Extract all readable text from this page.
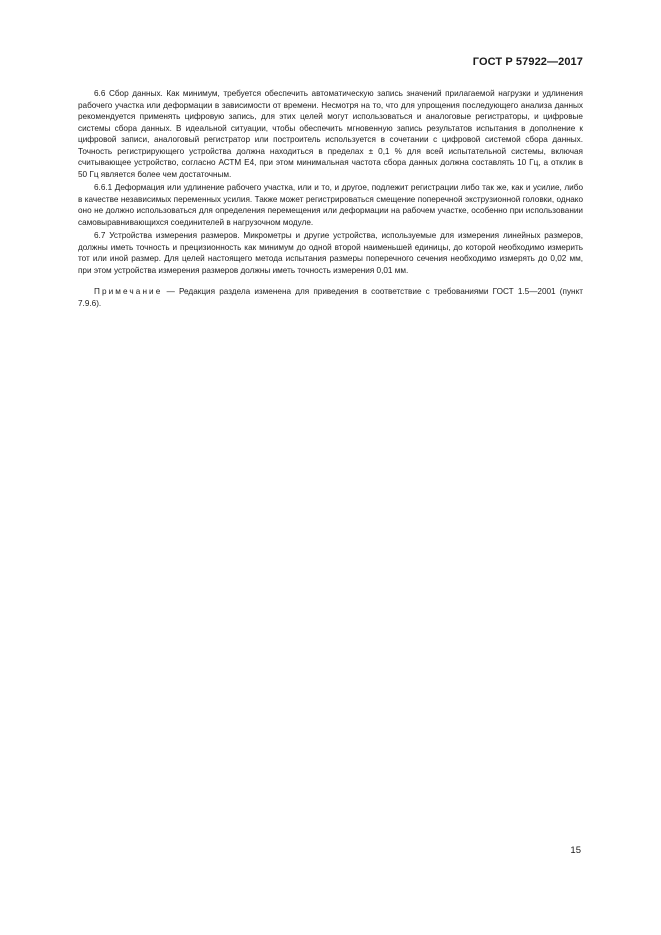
ГОСТ Р 57922—2017

6.6 Сбор данных. Как минимум, требуется обеспечить автоматическую запись значений прилагаемой нагрузки и удлинения рабочего участка или деформации в зависимости от времени. Несмотря на то, что для упрощения последующего анализа данных рекомендуется применять цифровую запись, для этих целей могут использоваться и аналоговые регистраторы, и цифровые системы сбора данных. В идеальной ситуации, чтобы обеспечить мгновенную запись результатов испытания в дополнение к цифровой записи, аналоговый регистратор или построитель используется в сочетании с цифровой системой сбора данных. Точность регистрирующего устройства должна находиться в пределах ± 0,1 % для всей испытательной системы, включая считывающее устройство, согласно АСТМ Е4, при этом минимальная частота сбора данных должна составлять 10 Гц, а отклик в 50 Гц является более чем достаточным.

6.6.1 Деформация или удлинение рабочего участка, или и то, и другое, подлежит регистрации либо так же, как и усилие, либо в качестве независимых переменных усилия. Также может регистрироваться смещение поперечной экструзионной головки, однако оно не должно использоваться для определения перемещения или деформации на рабочем участке, особенно при использовании самовыравнивающихся соединителей в нагрузочном модуле.

6.7 Устройства измерения размеров. Микрометры и другие устройства, используемые для измерения линейных размеров, должны иметь точность и прецизионность как минимум до одной второй наименьшей единицы, до которой необходимо измерить тот или иной размер. Для целей настоящего метода испытания размеры поперечного сечения необходимо измерять до 0,02 мм, при этом устройства измерения размеров должны иметь точность измерения 0,01 мм.

Примечание — Редакция раздела изменена для приведения в соответствие с требованиями ГОСТ 1.5—2001 (пункт 7.9.6).

15
